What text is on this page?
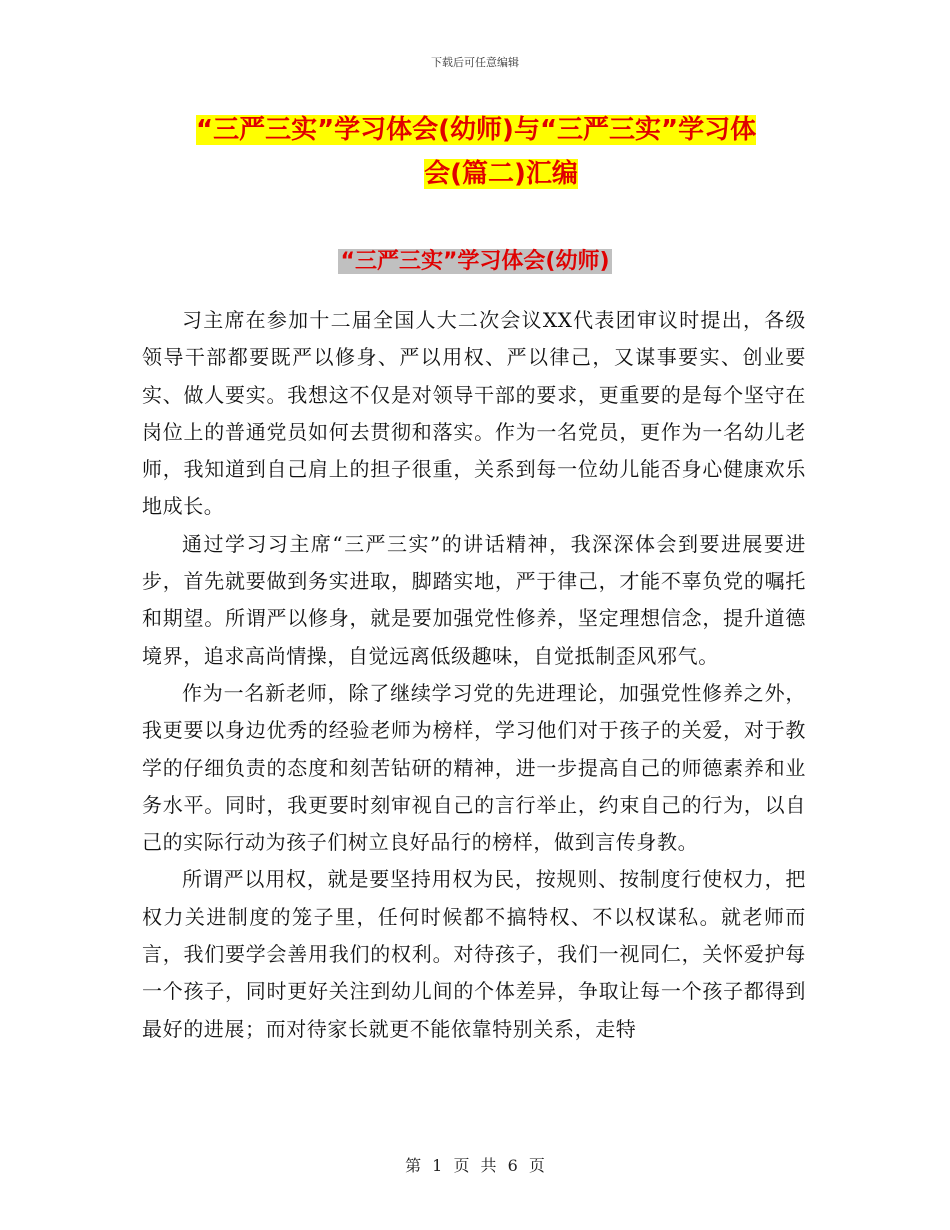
下载后可任意编辑
“三严三实”学习体会(幼师)与“三严三实”学习体
会(篇二)汇编
“三严三实”学习体会(幼师)

习主席在参加十二届全国人大二次会议XX代表团审议时提出，各级领导干部都要既严以修身、严以用权、严以律己，又谋事要实、创业要实、做人要实。我想这不仅是对领导干部的要求，更重要的是每个坚守在岗位上的普通党员如何去贯彻和落实。作为一名党员，更作为一名幼儿老师，我知道到自己肩上的担子很重，关系到每一位幼儿能否身心健康欢乐地成长。

通过学习习主席“三严三实”的讲话精神，我深深体会到要进展要进步，首先就要做到务实进取，脚踏实地，严于律己，才能不辜负党的嘱托和期望。所谓严以修身，就是要加强党性修养，坚定理想信念，提升道德境界，追求高尚情操，自觉远离低级趣味，自觉抵制歪风邪气。

作为一名新老师，除了继续学习党的先进理论，加强党性修养之外，我更要以身边优秀的经验老师为榜样，学习他们对于孩子的关爱，对于教学的仔细负责的态度和刻苦钻研的精神，进一步提高自己的师德素养和业务水平。同时，我更要时刻审视自己的言行举止，约束自己的行为，以自己的实际行动为孩子们树立良好品行的榜样，做到言传身教。

所谓严以用权，就是要坚持用权为民，按规则、按制度行使权力，把权力关进制度的笼子里，任何时候都不搞特权、不以权谋私。就老师而言，我们要学会善用我们的权利。对待孩子，我们一视同仁，关怀爱护每一个孩子，同时更好关注到幼儿间的个体差异，争取让每一个孩子都得到最好的进展；而对待家长就更不能依靠特别关系，走特

第 1 页 共 6 页
